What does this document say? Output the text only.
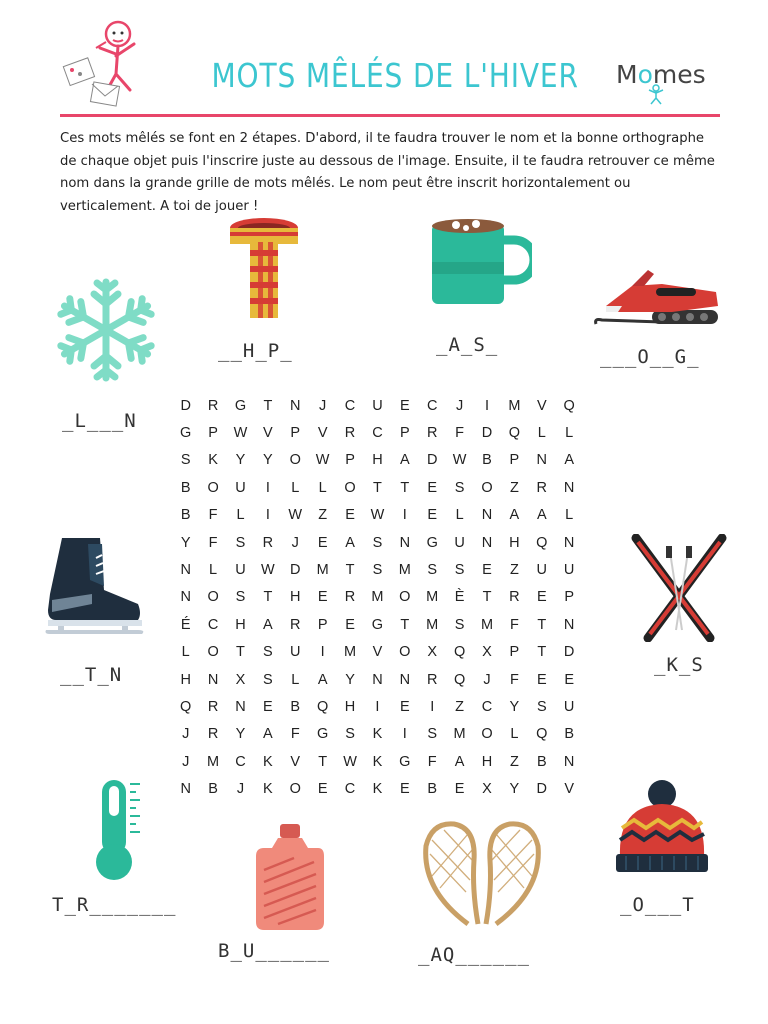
MOTS MÊLÉS DE L'HIVER Momes
Ces mots mêlés se font en 2 étapes. D'abord, il te faudra trouver le nom et la bonne orthographe de chaque objet puis l'inscrire juste au dessous de l'image. Ensuite, il te faudra retrouver ce même nom dans la grande grille de mots mêlés. Le nom peut être inscrit horizontalement ou verticalement. A toi de jouer !
_L___N
__H_P_	_A_S_
___O__G_
__T_N	_K_S
T_R_______
B_U______	_AQ______
_O___T
D	R	G	T	N	J	C	U	E	C	J	I	M	V	Q
G	P	W	V	P	V	R	C	P	R	F	D	Q	L	L
S	K	Y	Y	O	W	P	H	A	D	W	B	P	N	A
B	O	U	I	L	L	O	T	T	E	S	O	Z	R	N
B	F	L	I	W	Z	E	W	I	E	L	N	A	A	L
Y	F	S	R	J	E	A	S	N	G	U	N	H	Q	N
N	L	U	W	D	M	T	S	M	S	S	E	Z	U	U
N	O	S	T	H	E	R	M	O	M	È	T	R	E	P
É	C	H	A	R	P	E	G	T	M	S	M	F	T	N
L	O	T	S	U	I	M	V	O	X	Q	X	P	T	D
H	N	X	S	L	A	Y	N	N	R	Q	J	F	E	E
Q	R	N	E	B	Q	H	I	E	I	Z	C	Y	S	U
J	R	Y	A	F	G	S	K	I	S	M	O	L	Q	B
J	M	C	K	V	T	W	K	G	F	A	H	Z	B	N
N	B	J	K	O	E	C	K	E	B	E	X	Y	D	V
